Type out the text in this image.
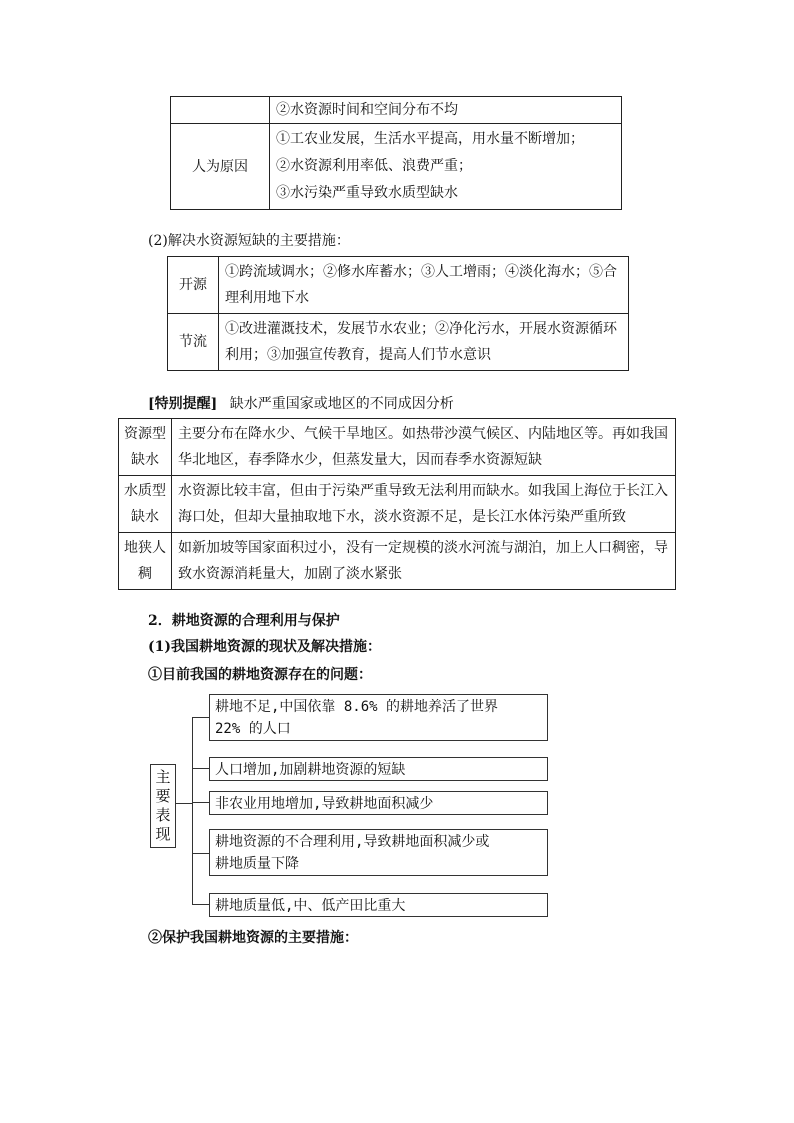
	②水资源时间和空间分布不均
人为原因	①工农业发展，生活水平提高，用水量不断增加；
②水资源利用率低、浪费严重；
③水污染严重导致水质型缺水
(2)解决水资源短缺的主要措施：
开源	①跨流域调水；②修水库蓄水；③人工增雨；④淡化海水；⑤合
理利用地下水

节流	①改进灌溉技术，发展节水农业；②净化污水，开展水资源循环
利用；③加强宣传教育，提高人们节水意识
[特别提醒] 缺水严重国家或地区的不同成因分析
资源型
缺水	主要分布在降水少、气候干旱地区。如热带沙漠气候区、内陆地区等。再如我国
华北地区，春季降水少，但蒸发量大，因而春季水资源短缺

水质型
缺水	水资源比较丰富，但由于污染严重导致无法利用而缺水。如我国上海位于长江入
海口处，但却大量抽取地下水，淡水资源不足，是长江水体污染严重所致

地狭人
稠	如新加坡等国家面积过小，没有一定规模的淡水河流与湖泊，加上人口稠密，导
致水资源消耗量大，加剧了淡水紧张
2．耕地资源的合理利用与保护
(1)我国耕地资源的现状及解决措施：
①目前我国的耕地资源存在的问题：
主要表现
耕地不足,中国依靠 8.6% 的耕地养活了世界
22% 的人口
人口增加,加剧耕地资源的短缺
非农业用地增加,导致耕地面积减少
耕地资源的不合理利用,导致耕地面积减少或
耕地质量下降
耕地质量低,中、低产田比重大
②保护我国耕地资源的主要措施：
